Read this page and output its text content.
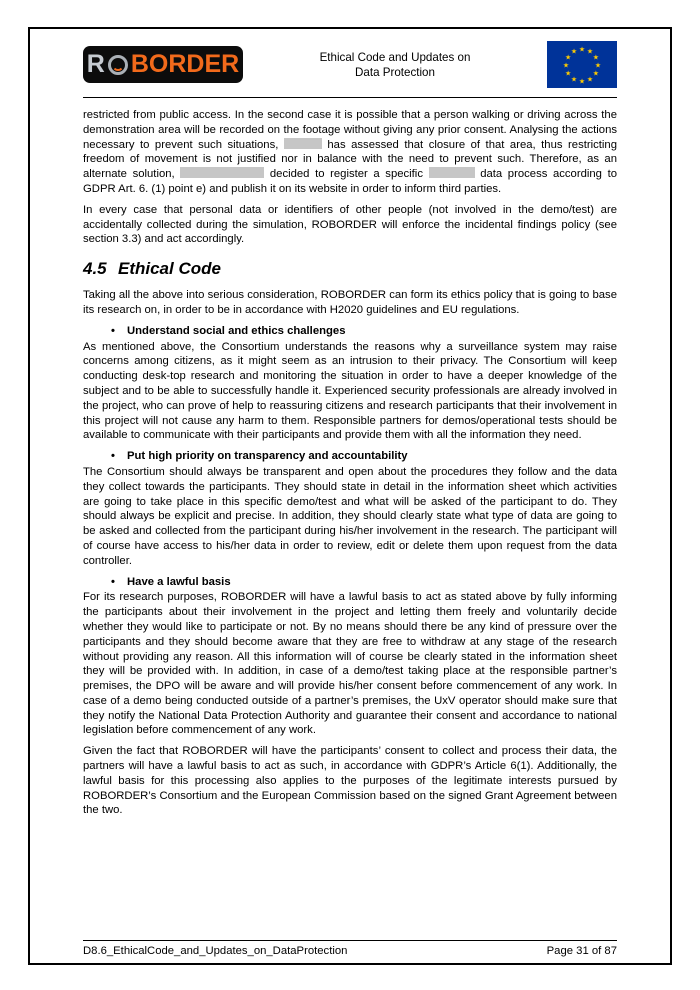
R BORDER	Ethical Code and Updates on
Data Protection
★ ★
★
★
★
★
★
★
★
★
★
★

restricted from public access. In the second case it is possible that a person walking or driving across the demonstration area will be recorded on the footage without giving any prior consent. Analysing the actions necessary to prevent such situations,	has assessed that closure of that area, thus restricting freedom of movement is not justified nor in balance with the need to prevent such. Therefore, as an alternate solution,	decided to register a specific	data process according to GDPR Art. 6. (1) point e) and publish it on its website in order to inform third parties.

In every case that personal data or identifiers of other people (not involved in the demo/test) are accidentally collected during the simulation, ROBORDER will enforce the incidental findings policy (see section 3.3) and act accordingly.

4.5 Ethical Code

Taking all the above into serious consideration, ROBORDER can form its ethics policy that is going to base its research on, in order to be in accordance with H2020 guidelines and EU regulations.

•	Understand social and ethics challenges

As mentioned above, the Consortium understands the reasons why a surveillance system may raise concerns among citizens, as it might seem as an intrusion to their privacy. The Consortium will keep conducting desk-top research and monitoring the situation in order to have a deeper knowledge of the subject and to be able to successfully handle it. Experienced security professionals are already involved in the project, who can prove of help to reassuring citizens and research participants that their involvement in this project will not cause any harm to them. Responsible partners for demos/operational tests should be available to communicate with their participants and provide them with all the information they need.

•	Put high priority on transparency and accountability

The Consortium should always be transparent and open about the procedures they follow and the data they collect towards the participants. They should state in detail in the information sheet which activities are going to take place in this specific demo/test and what will be asked of the participant to do. They should always be explicit and precise. In addition, they should clearly state what type of data are going to be asked and collected from the participant during his/her involvement in the research. The participant will of course have access to his/her data in order to review, edit or delete them upon request from the data controller.

•	Have a lawful basis

For its research purposes, ROBORDER will have a lawful basis to act as stated above by fully informing the participants about their involvement in the project and letting them freely and voluntarily decide whether they would like to participate or not. By no means should there be any kind of pressure over the participants and they should become aware that they are free to withdraw at any stage of the research without providing any reason. All this information will of course be clearly stated in the information sheet they will be provided with. In addition, in case of a demo/test taking place at the responsible partner’s premises, the DPO will be aware and will provide his/her consent before commencement of any work. In case of a demo being conducted outside of a partner’s premises, the UxV operator should make sure that they notify the National Data Protection Authority and guarantee their consent and accordance to national legislation before commencement of any work.

Given the fact that ROBORDER will have the participants’ consent to collect and process their data, the partners will have a lawful basis to act as such, in accordance with GDPR’s Article 6(1). Additionally, the lawful basis for this processing also applies to the purposes of the legitimate interests pursued by ROBORDER’s Consortium and the European Commission based on the signed Grant Agreement between the two.

D8.6_EthicalCode_and_Updates_on_DataProtection	Page 31 of 87
